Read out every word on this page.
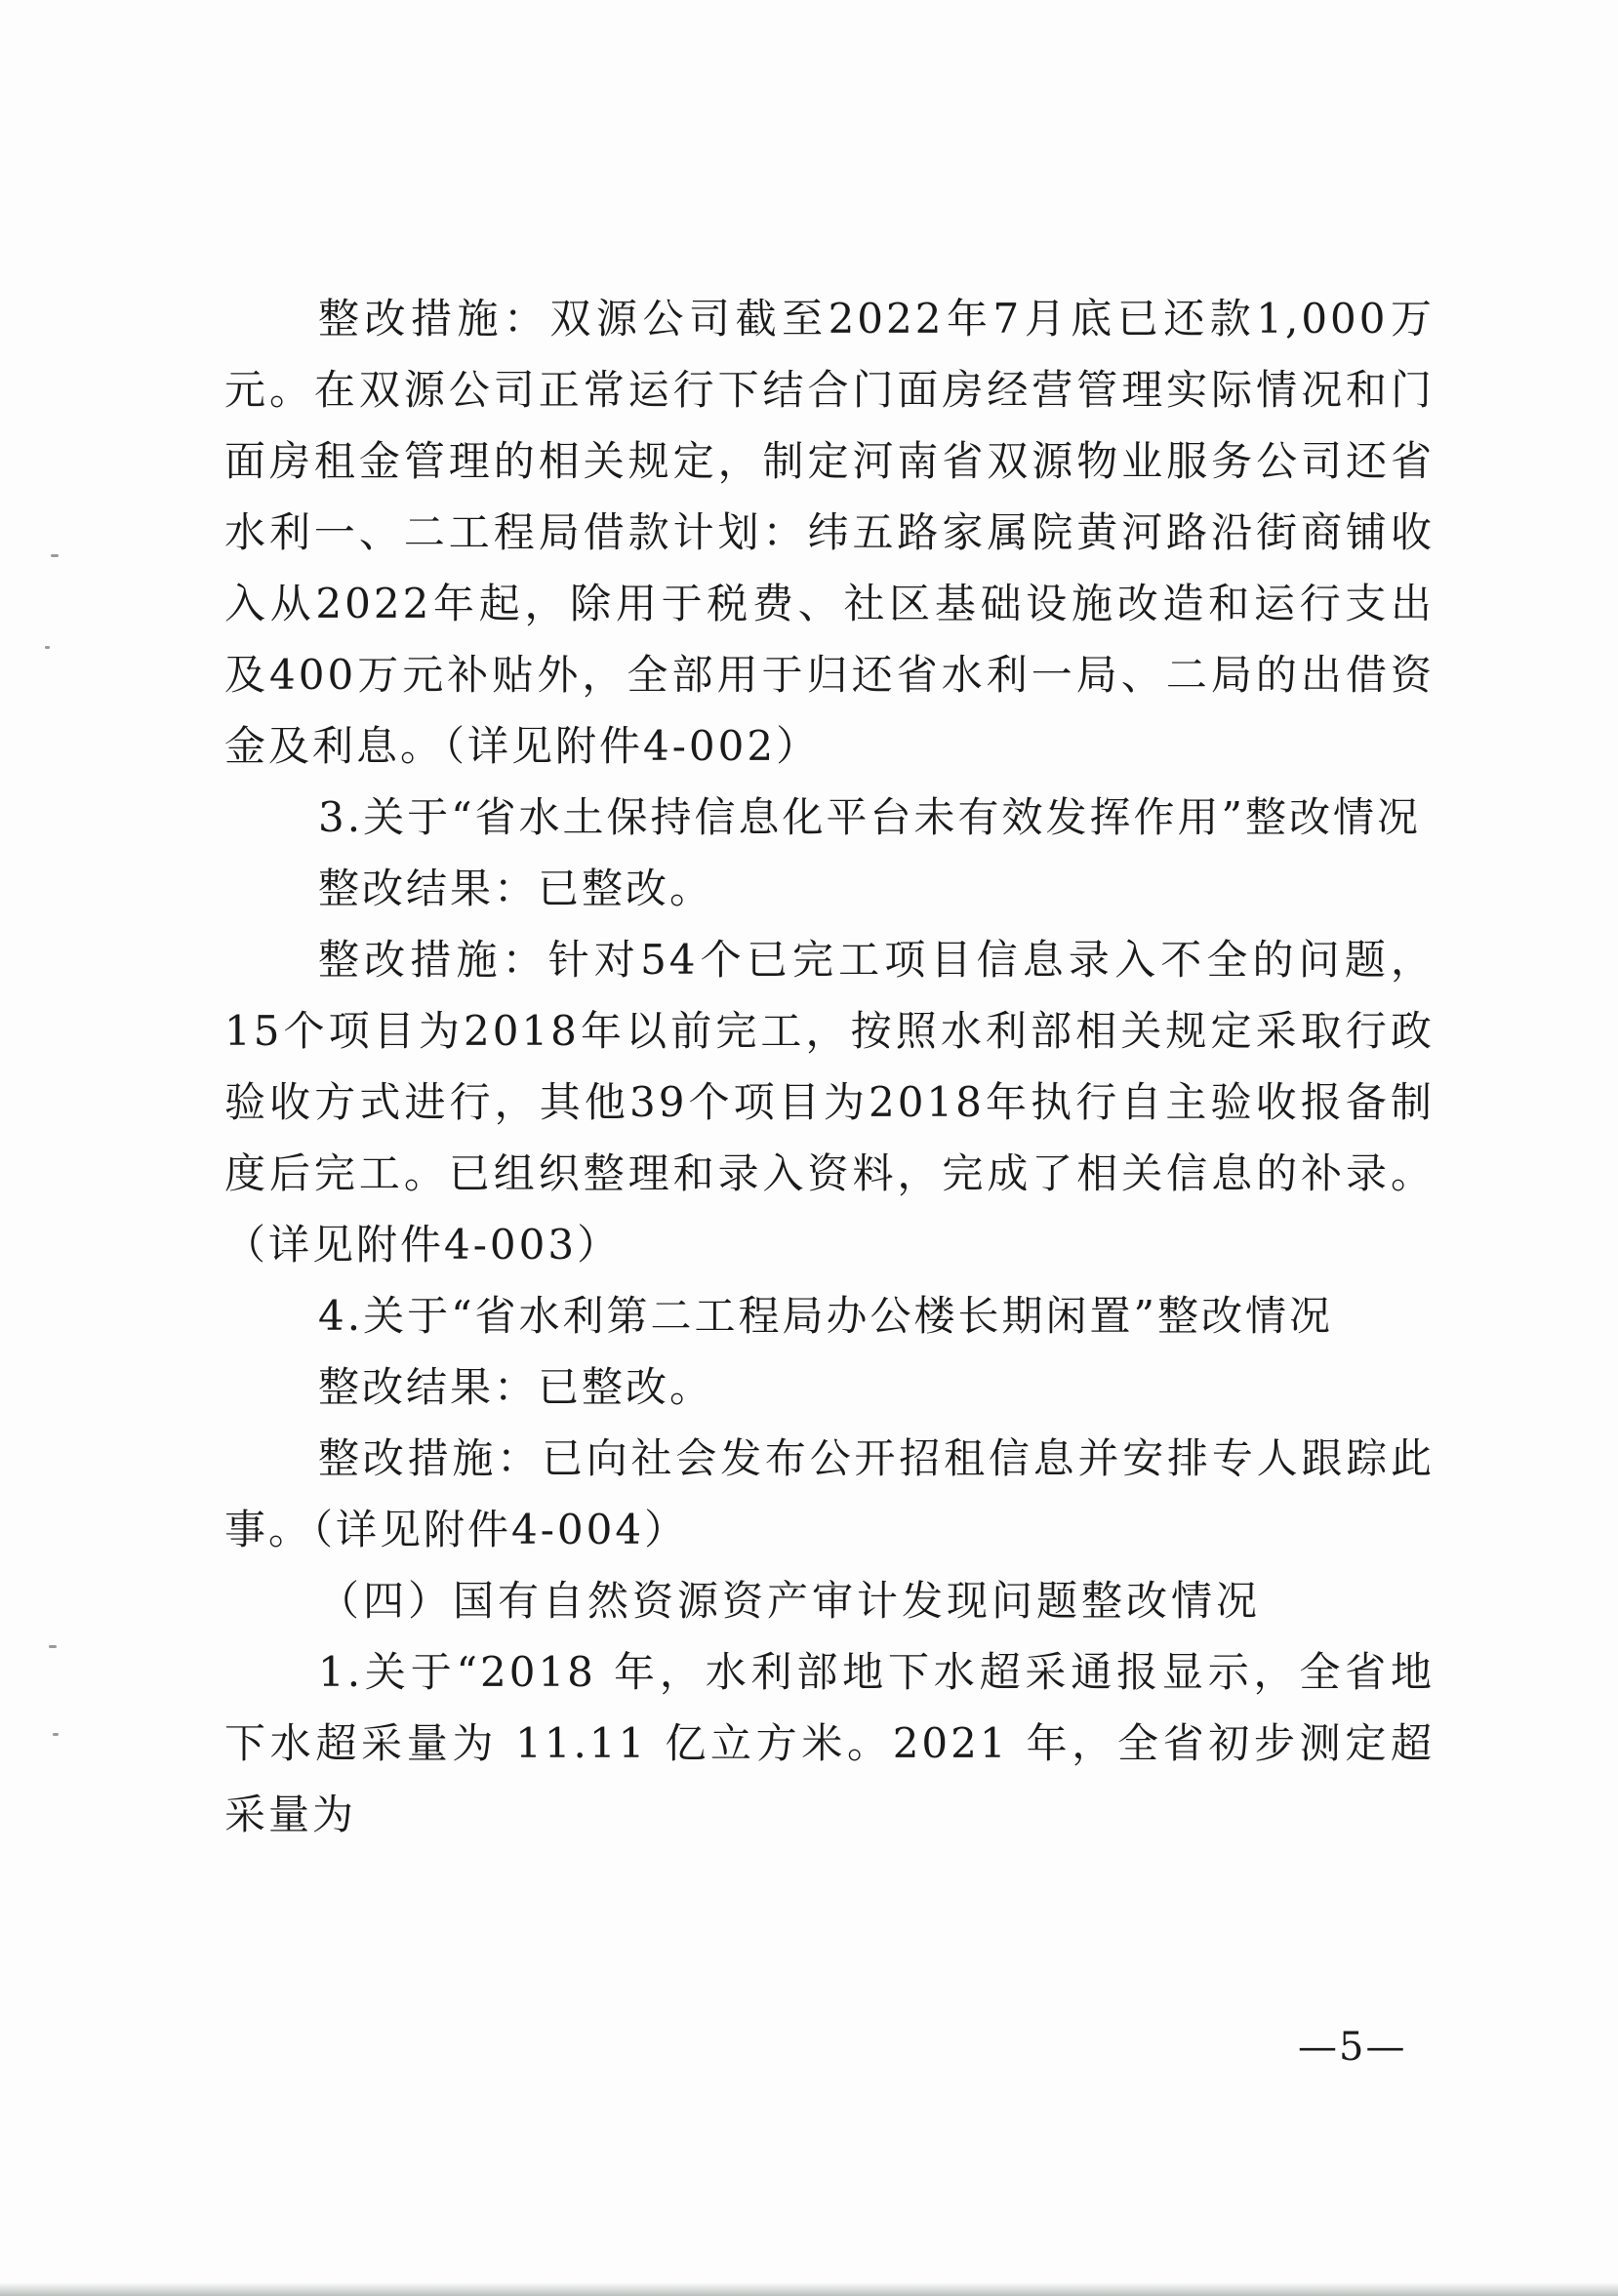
整改措施：双源公司截至2022年7月底已还款1,000万元。在双源公司正常运行下结合门面房经营管理实际情况和门面房租金管理的相关规定，制定河南省双源物业服务公司还省水利一、二工程局借款计划：纬五路家属院黄河路沿街商铺收入从2022年起，除用于税费、社区基础设施改造和运行支出及400万元补贴外，全部用于归还省水利一局、二局的出借资金及利息。（详见附件4-002）

3.关于“省水土保持信息化平台未有效发挥作用”整改情况

整改结果：已整改。

整改措施：针对54个已完工项目信息录入不全的问题，15个项目为2018年以前完工，按照水利部相关规定采取行政验收方式进行，其他39个项目为2018年执行自主验收报备制度后完工。已组织整理和录入资料，完成了相关信息的补录。（详见附件4-003）

4.关于“省水利第二工程局办公楼长期闲置”整改情况

整改结果：已整改。

整改措施：已向社会发布公开招租信息并安排专人跟踪此事。（详见附件4-004）

（四）国有自然资源资产审计发现问题整改情况

1.关于“2018 年，水利部地下水超采通报显示，全省地下水超采量为 11.11 亿立方米。2021 年，全省初步测定超采量为

—5—
